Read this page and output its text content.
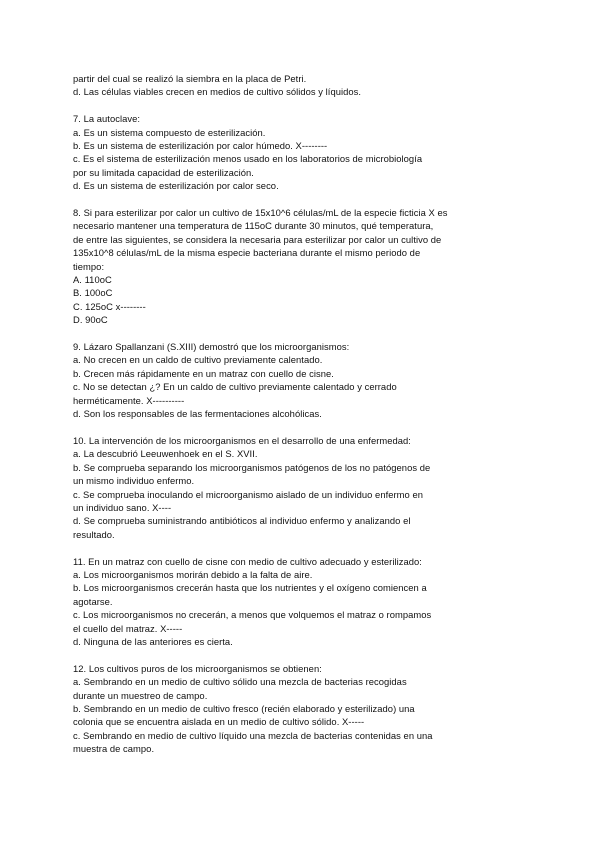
partir del cual se realizó la siembra en la placa de Petri.
d. Las células viables crecen en medios de cultivo sólidos y líquidos.
7. La autoclave:
a. Es un sistema compuesto de esterilización.
b. Es un sistema de esterilización por calor húmedo. X--------
c. Es el sistema de esterilización menos usado en los laboratorios de microbiología
por su limitada capacidad de esterilización.
d. Es un sistema de esterilización por calor seco.
8. Si para esterilizar por calor un cultivo de 15x10^6 células/mL de la especie ficticia X es
necesario mantener una temperatura de 115oC durante 30 minutos, qué temperatura,
de entre las siguientes, se considera la necesaria para esterilizar por calor un cultivo de
135x10^8 células/mL de la misma especie bacteriana durante el mismo periodo de
tiempo:
A. 110oC
B. 100oC
C. 125oC x--------
D. 90oC
9. Lázaro Spallanzani (S.XIII) demostró que los microorganismos:
a. No crecen en un caldo de cultivo previamente calentado.
b. Crecen más rápidamente en un matraz con cuello de cisne.
c. No se detectan ¿? En un caldo de cultivo previamente calentado y cerrado
herméticamente. X----------
d. Son los responsables de las fermentaciones alcohólicas.
10. La intervención de los microorganismos en el desarrollo de una enfermedad:
a. La descubrió Leeuwenhoek en el S. XVII.
b. Se comprueba separando los microorganismos patógenos de los no patógenos de
un mismo individuo enfermo.
c. Se comprueba inoculando el microorganismo aislado de un individuo enfermo en
un individuo sano. X----
d. Se comprueba suministrando antibióticos al individuo enfermo y analizando el
resultado.
11. En un matraz con cuello de cisne con medio de cultivo adecuado y esterilizado:
a. Los microorganismos morirán debido a la falta de aire.
b. Los microorganismos crecerán hasta que los nutrientes y el oxígeno comiencen a
agotarse.
c. Los microorganismos no crecerán, a menos que volquemos el matraz o rompamos
el cuello del matraz. X-----
d. Ninguna de las anteriores es cierta.
12. Los cultivos puros de los microorganismos se obtienen:
a. Sembrando en un medio de cultivo sólido una mezcla de bacterias recogidas
durante un muestreo de campo.
b. Sembrando en un medio de cultivo fresco (recién elaborado y esterilizado) una
colonia que se encuentra aislada en un medio de cultivo sólido. X-----
c. Sembrando en medio de cultivo líquido una mezcla de bacterias contenidas en una
muestra de campo.
